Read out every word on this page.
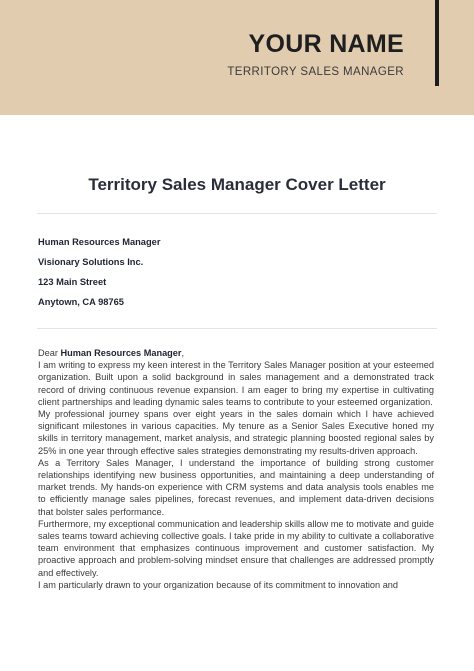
YOUR NAME
TERRITORY SALES MANAGER
Territory Sales Manager Cover Letter
Human Resources Manager
Visionary Solutions Inc.
123 Main Street
Anytown, CA 98765

Dear Human Resources Manager,

I am writing to express my keen interest in the Territory Sales Manager position at your esteemed organization. Built upon a solid background in sales management and a demonstrated track record of driving continuous revenue expansion. I am eager to bring my expertise in cultivating client partnerships and leading dynamic sales teams to contribute to your esteemed organization.

My professional journey spans over eight years in the sales domain which I have achieved significant milestones in various capacities. My tenure as a Senior Sales Executive honed my skills in territory management, market analysis, and strategic planning boosted regional sales by 25% in one year through effective sales strategies demonstrating my results-driven approach.

As a Territory Sales Manager, I understand the importance of building strong customer relationships identifying new business opportunities, and maintaining a deep understanding of market trends. My hands-on experience with CRM systems and data analysis tools enables me to efficiently manage sales pipelines, forecast revenues, and implement data-driven decisions that bolster sales performance.

Furthermore, my exceptional communication and leadership skills allow me to motivate and guide sales teams toward achieving collective goals. I take pride in my ability to cultivate a collaborative team environment that emphasizes continuous improvement and customer satisfaction. My proactive approach and problem-solving mindset ensure that challenges are addressed promptly and effectively.

I am particularly drawn to your organization because of its commitment to innovation and
